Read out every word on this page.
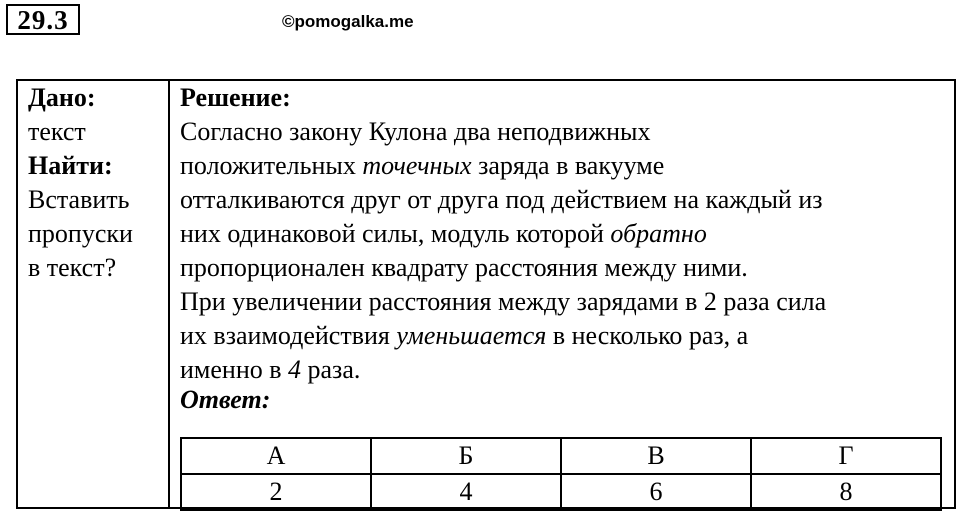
29.3	©pomogalka.me
Дано:
текст
Найти:
Вставить
пропуски
в текст?
Решение:
Согласно закону Кулона два неподвижных
положительных точечных заряда в вакууме
отталкиваются друг от друга под действием на каждый из
них одинаковой силы, модуль которой обратно
пропорционален квадрату расстояния между ними.
При увеличении расстояния между зарядами в 2 раза сила
их взаимодействия уменьшается в несколько раз, а
именно в 4 раза.
Ответ:
А	Б	В	Г
2	4	6	8
